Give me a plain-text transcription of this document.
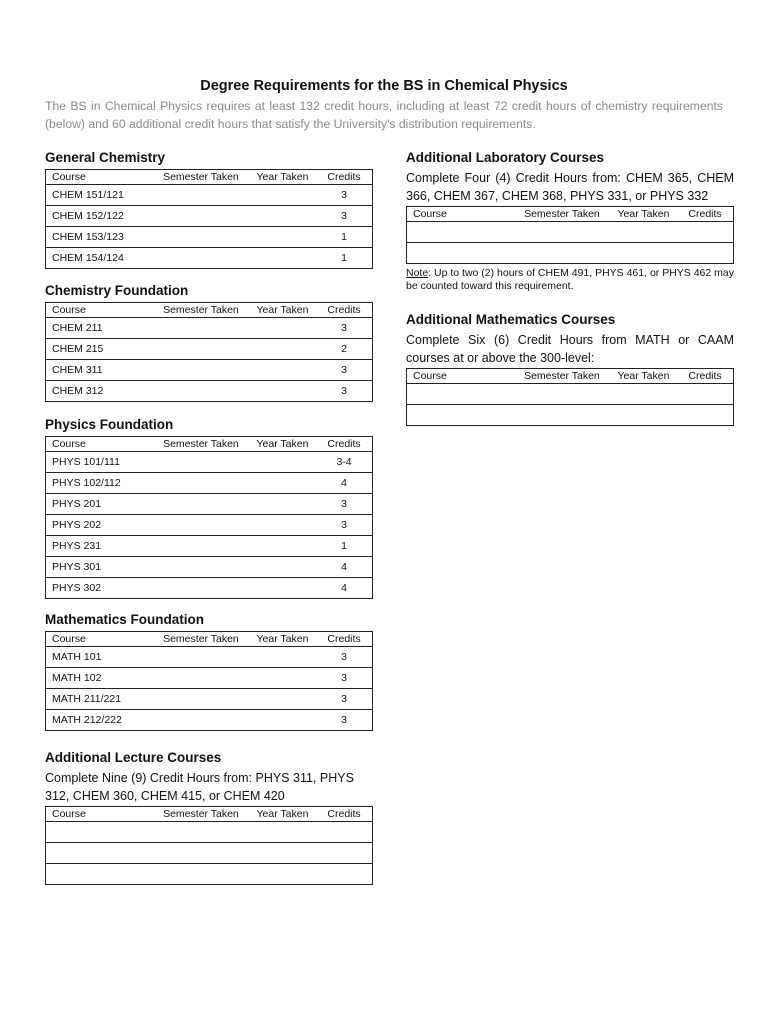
Degree Requirements for the BS in Chemical Physics
The BS in Chemical Physics requires at least 132 credit hours, including at least 72 credit hours of chemistry requirements (below) and 60 additional credit hours that satisfy the University's distribution requirements.
General Chemistry
Course	Semester Taken	Year Taken	Credits
CHEM 151/121			3
CHEM 152/122			3
CHEM 153/123			1
CHEM 154/124			1
Chemistry Foundation
Course	Semester Taken	Year Taken	Credits
CHEM 211			3
CHEM 215			2
CHEM 311			3
CHEM 312			3
Physics Foundation
Course	Semester Taken	Year Taken	Credits
PHYS 101/111			3-4
PHYS 102/112			4
PHYS 201			3
PHYS 202			3
PHYS 231			1
PHYS 301			4
PHYS 302			4
Mathematics Foundation
Course	Semester Taken	Year Taken	Credits
MATH 101			3
MATH 102			3
MATH 211/221			3
MATH 212/222			3
Additional Lecture Courses
Complete Nine (9) Credit Hours from: PHYS 311, PHYS 312, CHEM 360, CHEM 415, or CHEM 420
Course	Semester Taken	Year Taken	Credits

Additional Laboratory Courses
Complete Four (4) Credit Hours from: CHEM 365, CHEM 366, CHEM 367, CHEM 368, PHYS 331, or PHYS 332
Course	Semester Taken	Year Taken	Credits

Note: Up to two (2) hours of CHEM 491, PHYS 461, or PHYS 462 may be counted toward this requirement.
Additional Mathematics Courses
Complete Six (6) Credit Hours from MATH or CAAM courses at or above the 300-level:
Course	Semester Taken	Year Taken	Credits
